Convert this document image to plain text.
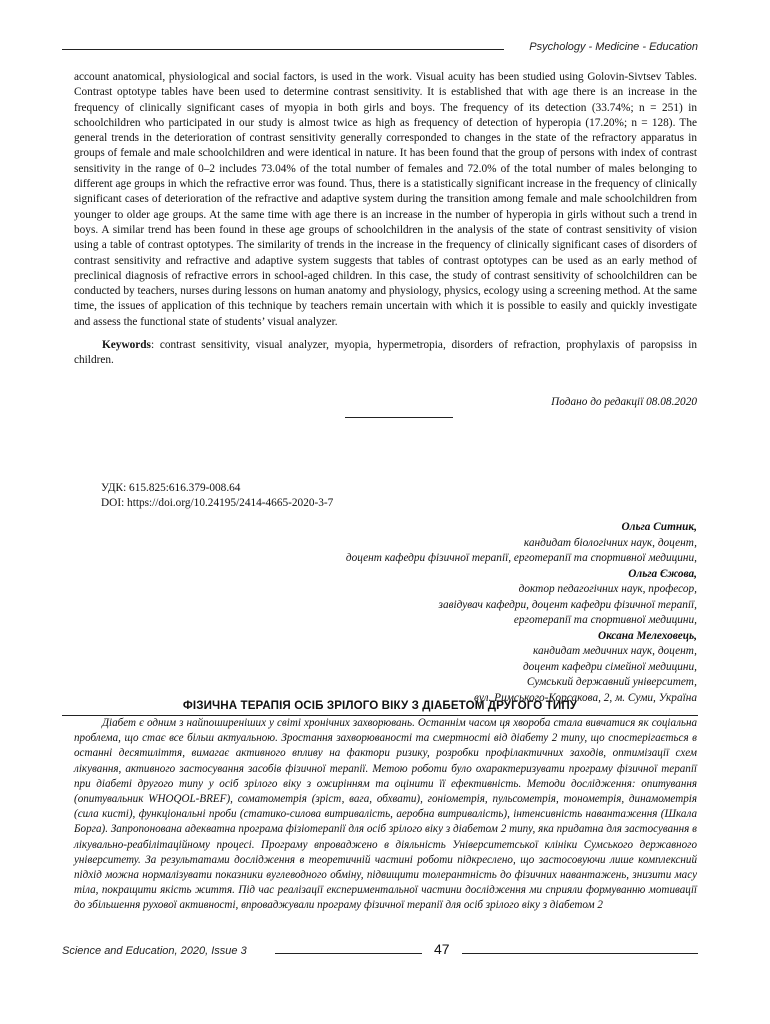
Psychology - Medicine - Education

account anatomical, physiological and social factors, is used in the work. Visual acuity has been studied using Golovin-Sivtsev Tables. Contrast optotype tables have been used to determine contrast sensitivity. It is established that with age there is an increase in the frequency of clinically significant cases of myopia in both girls and boys. The frequency of its detection (33.74%; n = 251) in schoolchildren who participated in our study is almost twice as high as frequency of detection of hyperopia (17.20%; n = 128). The general trends in the deterioration of contrast sensitivity generally corresponded to changes in the state of the refractory apparatus in groups of female and male schoolchildren and were identical in nature. It has been found that the group of persons with index of contrast sensitivity in the range of 0–2 includes 73.04% of the total number of females and 72.0% of the total number of males belonging to different age groups in which the refractive error was found. Thus, there is a statistically significant increase in the frequency of clinically significant cases of deterioration of the refractive and adaptive system during the transition among female and male schoolchildren from younger to older age groups. At the same time with age there is an increase in the number of hyperopia in girls without such a trend in boys. A similar trend has been found in these age groups of schoolchildren in the analysis of the state of contrast sensitivity of vision using a table of contrast optotypes. The similarity of trends in the increase in the frequency of clinically significant cases of disorders of contrast sensitivity and refractive and adaptive system suggests that tables of contrast optotypes can be used as an early method of preclinical diagnosis of refractive errors in school-aged children. In this case, the study of contrast sensitivity of schoolchildren can be conducted by teachers, nurses during lessons on human anatomy and physiology, physics, ecology using a screening method. At the same time, the issues of application of this technique by teachers remain uncertain with which it is possible to easily and quickly investigate and assess the functional state of students’ visual analyzer.

Keywords: contrast sensitivity, visual analyzer, myopia, hypermetropia, disorders of refraction, prophylaxis of paropsiss in children.

Подано до редакції 08.08.2020
УДК: 615.825:616.379-008.64
DOI: https://doi.org/10.24195/2414-4665-2020-3-7
Ольга Ситник,
кандидат біологічних наук, доцент,
доцент кафедри фізичної терапії, ерготерапії та спортивної медицини,
Ольга Єжова,
доктор педагогічних наук, професор,
завідувач кафедри, доцент кафедри фізичної терапії,
ерготерапії та спортивної медицини,
Оксана Мелеховець,
кандидат медичних наук, доцент,
доцент кафедри сімейної медицини,
Сумський державний університет,
вул. Римського-Корсакова, 2, м. Суми, Україна
ФІЗИЧНА ТЕРАПІЯ ОСІБ ЗРІЛОГО ВІКУ З ДІАБЕТОМ ДРУГОГО ТИПУ

Діабет є одним з найпоширеніших у світі хронічних захворювань. Останнім часом ця хвороба стала вивчатися як соціальна проблема, що стає все більш актуальною. Зростання захворюваності та смертності від діабету 2 типу, що спостерігається в останні десятиліття, вимагає активного впливу на фактори ризику, розробки профілактичних заходів, оптимізації схем лікування, активного застосування засобів фізичної терапії. Метою роботи було охарактеризувати програму фізичної терапії при діабеті другого типу у осіб зрілого віку з ожирінням та оцінити її ефективність. Методи дослідження: опитування (опитувальник WHOQOL-BREF), соматометрія (зріст, вага, обхвати), гоніометрія, пульсометрія, тонометрія, динамометрія (сила кисті), функціональні проби (статико-силова витривалість, аеробна витривалість), інтенсивність навантаження (Шкала Борга). Запропонована адекватна програма фізіотерапії для осіб зрілого віку з діабетом 2 типу, яка придатна для застосування в лікувально-реабілітаційному процесі. Програму впроваджено в діяльність Університетської клініки Сумського державного університету. За результатами дослідження в теоретичній частині роботи підкреслено, що застосовуючи лише комплексний підхід можна нормалізувати показники вуглеводного обміну, підвищити толерантність до фізичних навантажень, знизити масу тіла, покращити якість життя. Під час реалізації експериментальної частини дослідження ми сприяли формуванню мотивації до збільшення рухової активності, впроваджували програму фізичної терапії для осіб зрілого віку з діабетом 2

Science and Education, 2020, Issue 3	47
